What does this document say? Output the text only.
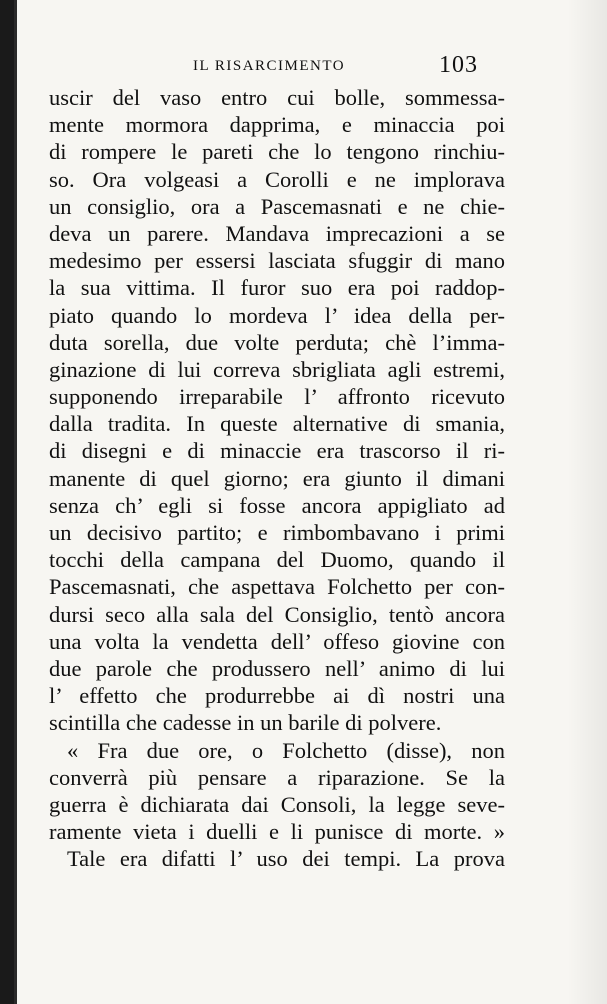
IL RISARCIMENTO	103
uscir del vaso entro cui bolle, sommessa-
mente mormora dapprima, e minaccia poi
di rompere le pareti che lo tengono rinchiu-
so. Ora volgeasi a Corolli e ne implorava
un consiglio, ora a Pascemasnati e ne chie-
deva un parere. Mandava imprecazioni a se
medesimo per essersi lasciata sfuggir di mano
la sua vittima. Il furor suo era poi raddop-
piato quando lo mordeva l’ idea della per-
duta sorella, due volte perduta; chè l’imma-
ginazione di lui correva sbrigliata agli estremi,
supponendo irreparabile l’ affronto ricevuto
dalla tradita. In queste alternative di smania,
di disegni e di minaccie era trascorso il ri-
manente di quel giorno; era giunto il dimani
senza ch’ egli si fosse ancora appigliato ad
un decisivo partito; e rimbombavano i primi
tocchi della campana del Duomo, quando il
Pascemasnati, che aspettava Folchetto per con-
dursi seco alla sala del Consiglio, tentò ancora
una volta la vendetta dell’ offeso giovine con
due parole che produssero nell’ animo di lui
l’ effetto che produrrebbe ai dì nostri una
scintilla che cadesse in un barile di polvere.
« Fra due ore, o Folchetto (disse), non
converrà più pensare a riparazione. Se la
guerra è dichiarata dai Consoli, la legge seve-
ramente vieta i duelli e li punisce di morte. »
Tale era difatti l’ uso dei tempi. La prova
